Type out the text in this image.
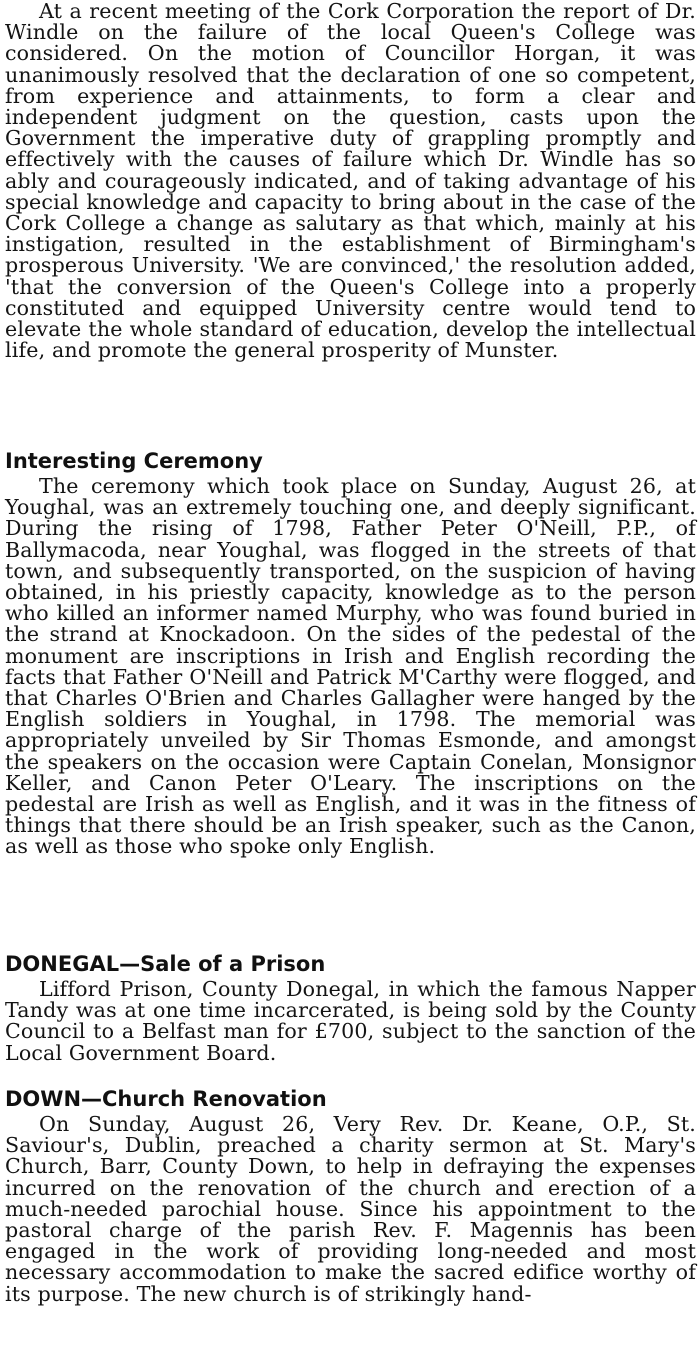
At a recent meeting of the Cork Corporation the report of Dr. Windle on the failure of the local Queen's College was considered. On the motion of Councillor Horgan, it was unanimously resolved that the declaration of one so competent, from experience and attainments, to form a clear and independent judgment on the question, casts upon the Government the imperative duty of grappling promptly and effectively with the causes of failure which Dr. Windle has so ably and courageously indicated, and of taking advantage of his special knowledge and capacity to bring about in the case of the Cork College a change as salutary as that which, mainly at his instigation, resulted in the establishment of Birmingham's prosperous University. 'We are convinced,' the resolution added, 'that the conversion of the Queen's College into a properly constituted and equipped University centre would tend to elevate the whole standard of education, develop the intellectual life, and promote the general prosperity of Munster.

Interesting Ceremony

The ceremony which took place on Sunday, August 26, at Youghal, was an extremely touching one, and deeply significant. During the rising of 1798, Father Peter O'Neill, P.P., of Ballymacoda, near Youghal, was flogged in the streets of that town, and subsequently transported, on the suspicion of having obtained, in his priestly capacity, knowledge as to the person who killed an informer named Murphy, who was found buried in the strand at Knockadoon. On the sides of the pedestal of the monument are inscriptions in Irish and English recording the facts that Father O'Neill and Patrick M'Carthy were flogged, and that Charles O'Brien and Charles Gallagher were hanged by the English soldiers in Youghal, in 1798. The memorial was appropriately unveiled by Sir Thomas Esmonde, and amongst the speakers on the occasion were Captain Conelan, Monsignor Keller, and Canon Peter O'Leary. The inscriptions on the pedestal are Irish as well as English, and it was in the fitness of things that there should be an Irish speaker, such as the Canon, as well as those who spoke only English.

DONEGAL—Sale of a Prison

Lifford Prison, County Donegal, in which the famous Napper Tandy was at one time incarcerated, is being sold by the County Council to a Belfast man for £700, subject to the sanction of the Local Government Board.

DOWN—Church Renovation

On Sunday, August 26, Very Rev. Dr. Keane, O.P., St. Saviour's, Dublin, preached a charity sermon at St. Mary's Church, Barr, County Down, to help in defraying the expenses incurred on the renovation of the church and erection of a much-needed parochial house. Since his appointment to the pastoral charge of the parish Rev. F. Magennis has been engaged in the work of providing long-needed and most necessary accommodation to make the sacred edifice worthy of its purpose. The new church is of strikingly hand-
